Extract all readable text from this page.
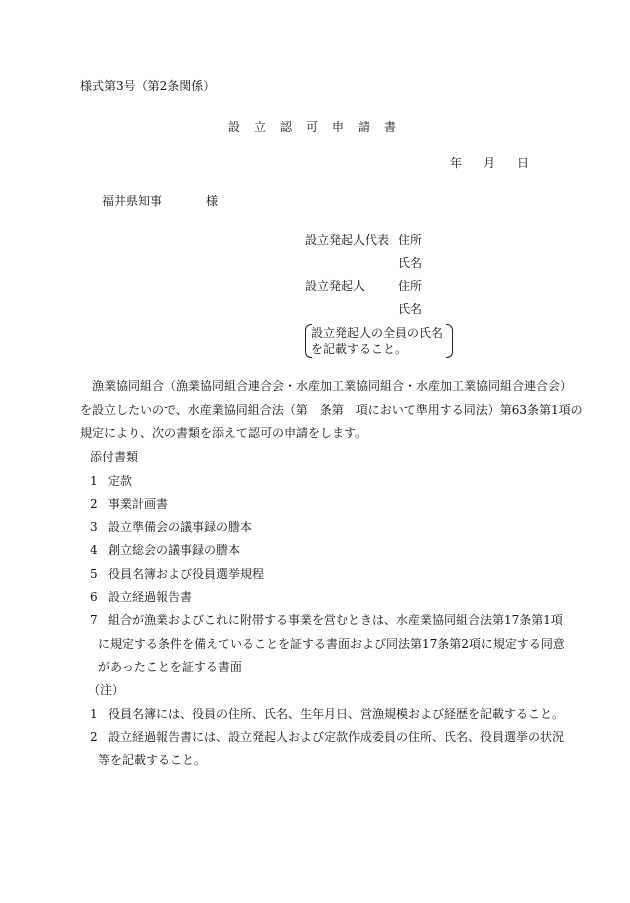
様式第3号（第2条関係）
設　立　認　可　申　請　書
年 月 日
福井県知事	様
設立発起人代表 住所
氏名
設立発起人	住所
氏名
設立発起人の全員の氏名
を記載すること。
漁業協同組合（漁業協同組合連合会・水産加工業協同組合・水産加工業協同組合連合会）
を設立したいので、水産業協同組合法（第　条第　項において準用する同法）第63条第1項の
規定により、次の書類を添えて認可の申請をします。
添付書類
1 定款
2 事業計画書
3 設立準備会の議事録の謄本
4 創立総会の議事録の謄本
5 役員名簿および役員選挙規程
6 設立経過報告書
7 組合が漁業およびこれに附帯する事業を営むときは、水産業協同組合法第17条第1項
に規定する条件を備えていることを証する書面および同法第17条第2項に規定する同意
があったことを証する書面
（注）
1 役員名簿には、役員の住所、氏名、生年月日、営漁規模および経歴を記載すること。
2 設立経過報告書には、設立発起人および定款作成委員の住所、氏名、役員選挙の状況
等を記載すること。
